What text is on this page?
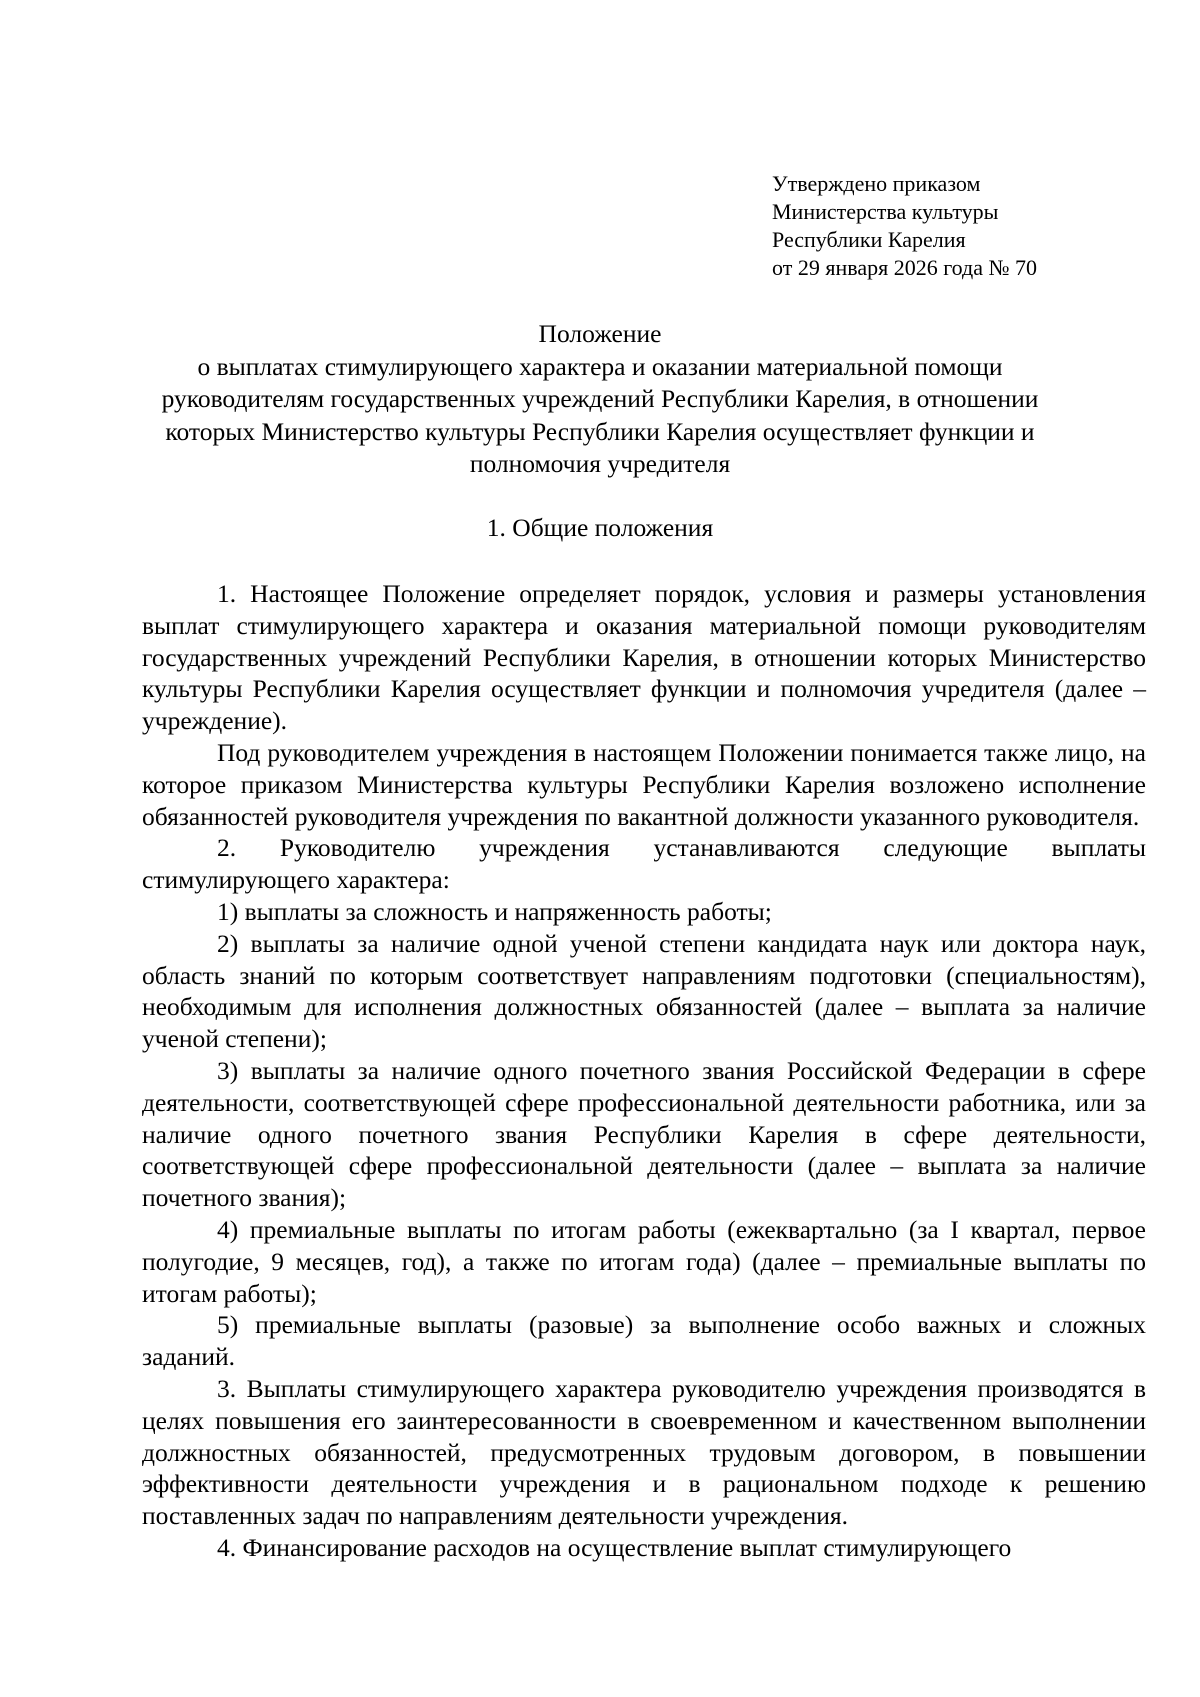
Утверждено приказом
Министерства культуры
Республики Карелия
от 29 января 2026 года № 70
Положение
о выплатах стимулирующего характера и оказании материальной помощи
руководителям государственных учреждений Республики Карелия, в отношении
которых Министерство культуры Республики Карелия осуществляет функции и
полномочия учредителя
1. Общие положения

1. Настоящее Положение определяет порядок, условия и размеры установления выплат стимулирующего характера и оказания материальной помощи руководителям государственных учреждений Республики Карелия, в отношении которых Министерство культуры Республики Карелия осуществляет функции и полномочия учредителя (далее – учреждение).

Под руководителем учреждения в настоящем Положении понимается также лицо, на которое приказом Министерства культуры Республики Карелия возложено исполнение обязанностей руководителя учреждения по вакантной должности указанного руководителя.

2. Руководителю учреждения устанавливаются следующие выплаты стимулирующего характера:

1) выплаты за сложность и напряженность работы;

2) выплаты за наличие одной ученой степени кандидата наук или доктора наук, область знаний по которым соответствует направлениям подготовки (специальностям), необходимым для исполнения должностных обязанностей (далее – выплата за наличие ученой степени);

3) выплаты за наличие одного почетного звания Российской Федерации в сфере деятельности, соответствующей сфере профессиональной деятельности работника, или за наличие одного почетного звания Республики Карелия в сфере деятельности, соответствующей сфере профессиональной деятельности (далее – выплата за наличие почетного звания);

4) премиальные выплаты по итогам работы (ежеквартально (за I квартал, первое полугодие, 9 месяцев, год), а также по итогам года) (далее – премиальные выплаты по итогам работы);

5) премиальные выплаты (разовые) за выполнение особо важных и сложных заданий.

3. Выплаты стимулирующего характера руководителю учреждения производятся в целях повышения его заинтересованности в своевременном и качественном выполнении должностных обязанностей, предусмотренных трудовым договором, в повышении эффективности деятельности учреждения и в рациональном подходе к решению поставленных задач по направлениям деятельности учреждения.

4. Финансирование расходов на осуществление выплат стимулирующего
